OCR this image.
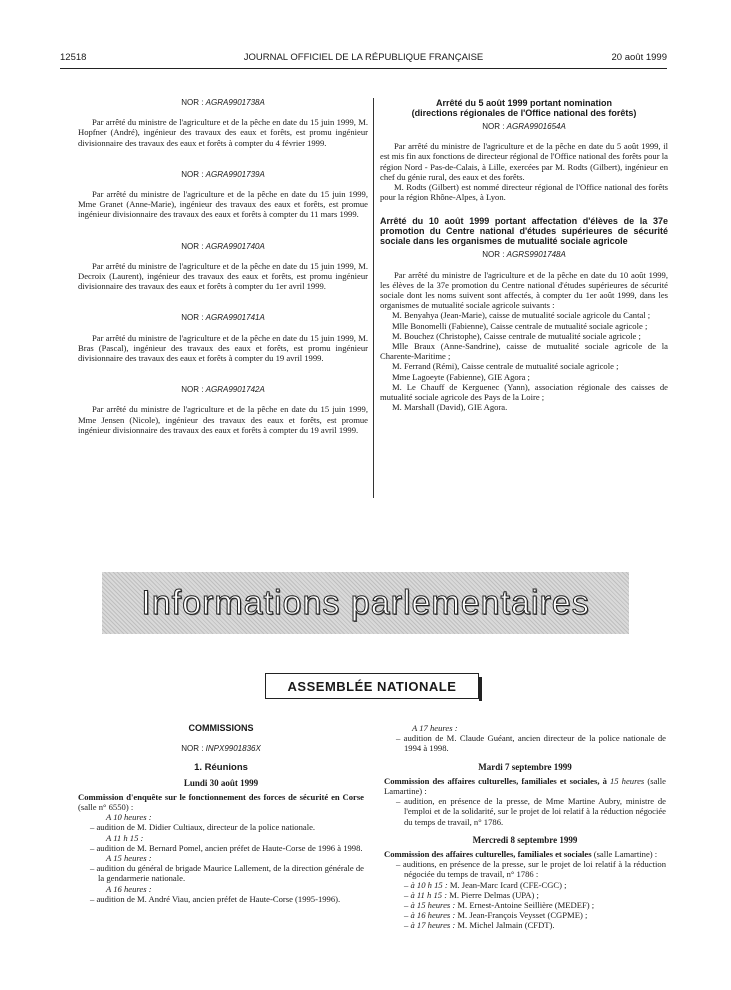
12518	JOURNAL OFFICIEL DE LA RÉPUBLIQUE FRANÇAISE	20 août 1999

NOR : AGRA9901738A

Par arrêté du ministre de l'agriculture et de la pêche en date du 15 juin 1999, M. Hopfner (André), ingénieur des travaux des eaux et forêts, est promu ingénieur divisionnaire des travaux des eaux et forêts à compter du 4 février 1999.

NOR : AGRA9901739A

Par arrêté du ministre de l'agriculture et de la pêche en date du 15 juin 1999, Mme Granet (Anne-Marie), ingénieur des travaux des eaux et forêts, est promue ingénieur divisionnaire des travaux des eaux et forêts à compter du 11 mars 1999.

NOR : AGRA9901740A

Par arrêté du ministre de l'agriculture et de la pêche en date du 15 juin 1999, M. Decroix (Laurent), ingénieur des travaux des eaux et forêts, est promu ingénieur divisionnaire des travaux des eaux et forêts à compter du 1er avril 1999.

NOR : AGRA9901741A

Par arrêté du ministre de l'agriculture et de la pêche en date du 15 juin 1999, M. Bras (Pascal), ingénieur des travaux des eaux et forêts, est promu ingénieur divisionnaire des travaux des eaux et forêts à compter du 19 avril 1999.

NOR : AGRA9901742A

Par arrêté du ministre de l'agriculture et de la pêche en date du 15 juin 1999, Mme Jensen (Nicole), ingénieur des travaux des eaux et forêts, est promue ingénieur divisionnaire des travaux des eaux et forêts à compter du 19 avril 1999.

Arrêté du 5 août 1999 portant nomination
(directions régionales de l'Office national des forêts)

NOR : AGRA9901654A

Par arrêté du ministre de l'agriculture et de la pêche en date du 5 août 1999, il est mis fin aux fonctions de directeur régional de l'Office national des forêts pour la région Nord - Pas-de-Calais, à Lille, exercées par M. Rodts (Gilbert), ingénieur en chef du génie rural, des eaux et des forêts.

M. Rodts (Gilbert) est nommé directeur régional de l'Office national des forêts pour la région Rhône-Alpes, à Lyon.

Arrêté du 10 août 1999 portant affectation d'élèves de la 37e promotion du Centre national d'études supérieures de sécurité sociale dans les organismes de mutualité sociale agricole

NOR : AGRS9901748A

Par arrêté du ministre de l'agriculture et de la pêche en date du 10 août 1999, les élèves de la 37e promotion du Centre national d'études supérieures de sécurité sociale dont les noms suivent sont affectés, à compter du 1er août 1999, dans les organismes de mutualité sociale agricole suivants :

M. Benyahya (Jean-Marie), caisse de mutualité sociale agricole du Cantal ;

Mlle Bonomelli (Fabienne), Caisse centrale de mutualité sociale agricole ;

M. Bouchez (Christophe), Caisse centrale de mutualité sociale agricole ;

Mlle Braux (Anne-Sandrine), caisse de mutualité sociale agricole de la Charente-Maritime ;

M. Ferrand (Rémi), Caisse centrale de mutualité sociale agricole ;

Mme Lagoeyte (Fabienne), GIE Agora ;

M. Le Chauff de Kerguenec (Yann), association régionale des caisses de mutualité sociale agricole des Pays de la Loire ;

M. Marshall (David), GIE Agora.

Informations parlementaires
ASSEMBLÉE NATIONALE

COMMISSIONS

NOR : INPX9901836X

1. Réunions

Lundi 30 août 1999

Commission d'enquête sur le fonctionnement des forces de sécurité en Corse (salle n° 6550) :

A 10 heures :

– audition de M. Didier Cultiaux, directeur de la police nationale.

A 11 h 15 :

– audition de M. Bernard Pomel, ancien préfet de Haute-Corse de 1996 à 1998.

A 15 heures :

– audition du général de brigade Maurice Lallement, de la direction générale de la gendarmerie nationale.

A 16 heures :

– audition de M. André Viau, ancien préfet de Haute-Corse (1995-1996).

A 17 heures :

– audition de M. Claude Guéant, ancien directeur de la police nationale de 1994 à 1998.

Mardi 7 septembre 1999

Commission des affaires culturelles, familiales et sociales, à 15 heures (salle Lamartine) :

– audition, en présence de la presse, de Mme Martine Aubry, ministre de l'emploi et de la solidarité, sur le projet de loi relatif à la réduction négociée du temps de travail, n° 1786.

Mercredi 8 septembre 1999

Commission des affaires culturelles, familiales et sociales (salle Lamartine) :

– auditions, en présence de la presse, sur le projet de loi relatif à la réduction négociée du temps de travail, n° 1786 :

– à 10 h 15 : M. Jean-Marc Icard (CFE-CGC) ;

– à 11 h 15 : M. Pierre Delmas (UPA) ;

– à 15 heures : M. Ernest-Antoine Seillière (MEDEF) ;

– à 16 heures : M. Jean-François Veysset (CGPME) ;

– à 17 heures : M. Michel Jalmain (CFDT).
